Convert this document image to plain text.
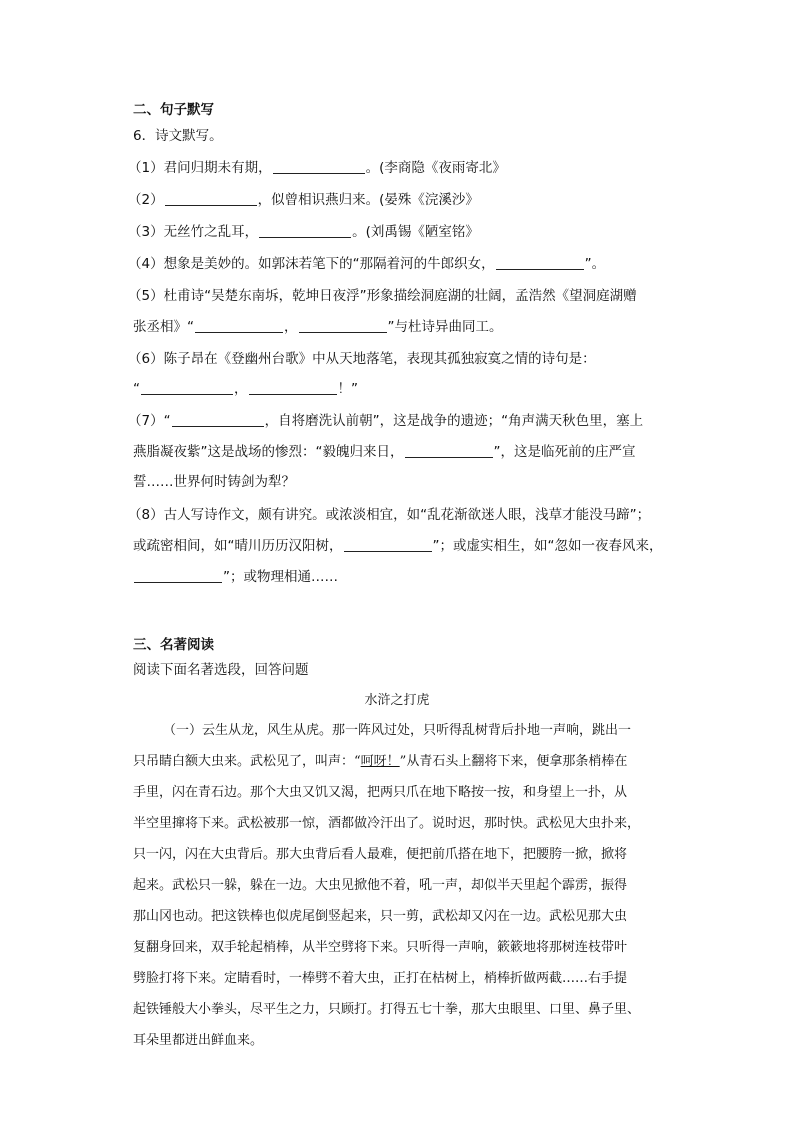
二、句子默写
6．诗文默写。
（1）君问归期未有期，	。(李商隐《夜雨寄北》
（2）	，似曾相识燕归来。(晏殊《浣溪沙》
（3）无丝竹之乱耳，	。(刘禹锡《陋室铭》
（4）想象是美妙的。如郭沫若笔下的“那隔着河的牛郎织女，	”。
（5）杜甫诗“吴楚东南坼，乾坤日夜浮”形象描绘洞庭湖的壮阔，孟浩然《望洞庭湖赠
张丞相》“	，	”与杜诗异曲同工。
（6）陈子昂在《登幽州台歌》中从天地落笔，表现其孤独寂寞之情的诗句是：
“	，	！”
（7）“	，自将磨洗认前朝”，这是战争的遗迹；“角声满天秋色里，塞上
燕脂凝夜紫”这是战场的惨烈：“毅魄归来日，	”，这是临死前的庄严宣
誓……世界何时铸剑为犁？
（8）古人写诗作文，颇有讲究。或浓淡相宜，如“乱花渐欲迷人眼，浅草才能没马蹄”；
或疏密相间，如“晴川历历汉阳树，	”；或虚实相生，如“忽如一夜春风来，
”；或物理相通……
三、名著阅读
阅读下面名著选段，回答问题
水浒之打虎
（一）云生从龙，风生从虎。那一阵风过处，只听得乱树背后扑地一声响，跳出一
只吊睛白额大虫来。武松见了，叫声：“呵呀！”从青石头上翻将下来，便拿那条梢棒在
手里，闪在青石边。那个大虫又饥又渴，把两只爪在地下略按一按，和身望上一扑，从
半空里撺将下来。武松被那一惊，酒都做冷汗出了。说时迟，那时快。武松见大虫扑来，
只一闪，闪在大虫背后。那大虫背后看人最难，便把前爪搭在地下，把腰胯一掀，掀将
起来。武松只一躲，躲在一边。大虫见掀他不着，吼一声，却似半天里起个霹雳，振得
那山冈也动。把这铁棒也似虎尾倒竖起来，只一剪，武松却又闪在一边。武松见那大虫
复翻身回来，双手轮起梢棒，从半空劈将下来。只听得一声响，簌簌地将那树连枝带叶
劈脸打将下来。定睛看时，一棒劈不着大虫，正打在枯树上，梢棒折做两截……右手提
起铁锤般大小拳头，尽平生之力，只顾打。打得五七十拳，那大虫眼里、口里、鼻子里、
耳朵里都迸出鲜血来。
